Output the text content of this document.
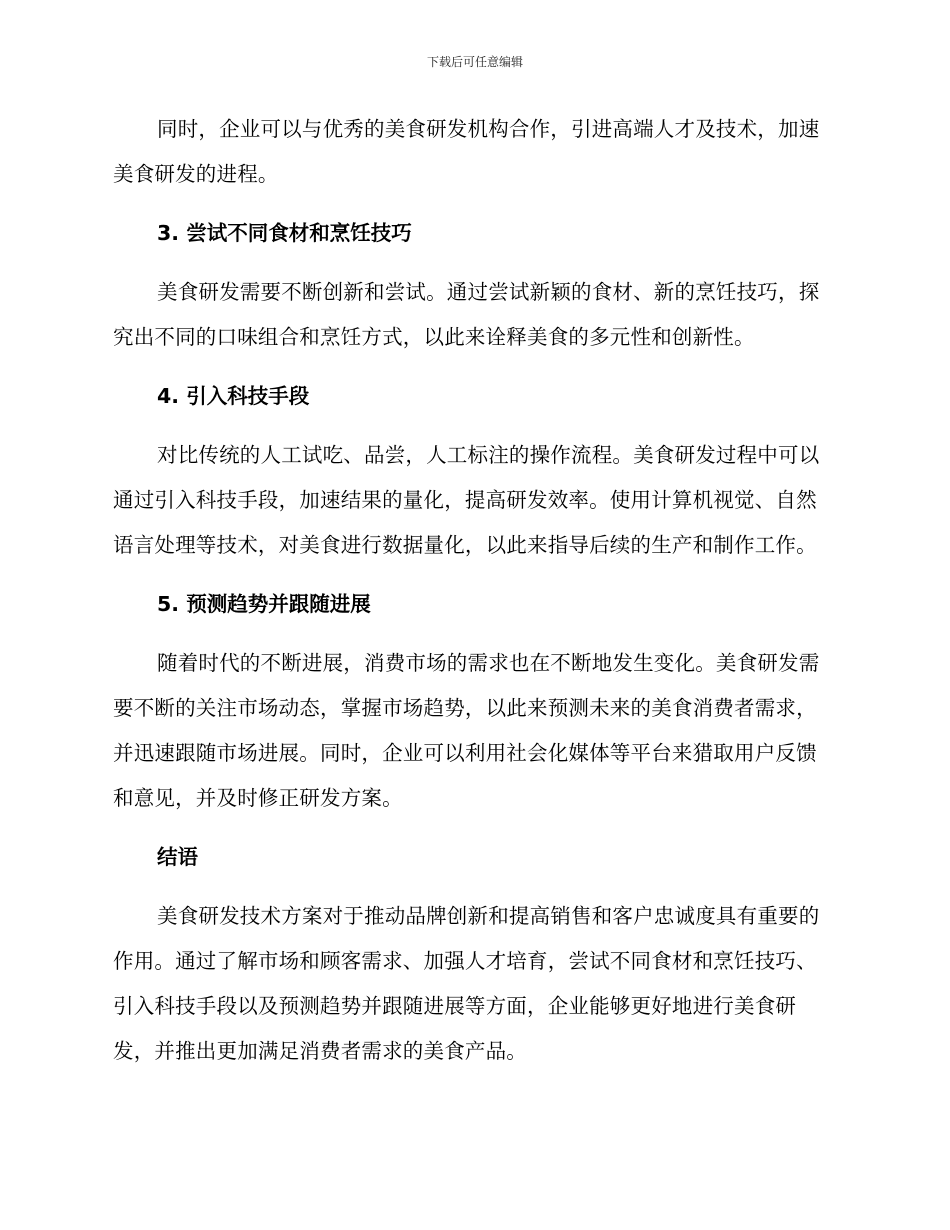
下载后可任意编辑

同时，企业可以与优秀的美食研发机构合作，引进高端人才及技术，加速美食研发的进程。

3. 尝试不同食材和烹饪技巧

美食研发需要不断创新和尝试。通过尝试新颖的食材、新的烹饪技巧，探究出不同的口味组合和烹饪方式，以此来诠释美食的多元性和创新性。

4. 引入科技手段

对比传统的人工试吃、品尝，人工标注的操作流程。美食研发过程中可以通过引入科技手段，加速结果的量化，提高研发效率。使用计算机视觉、自然语言处理等技术，对美食进行数据量化，以此来指导后续的生产和制作工作。

5. 预测趋势并跟随进展

随着时代的不断进展，消费市场的需求也在不断地发生变化。美食研发需要不断的关注市场动态，掌握市场趋势，以此来预测未来的美食消费者需求，并迅速跟随市场进展。同时，企业可以利用社会化媒体等平台来猎取用户反馈和意见，并及时修正研发方案。

结语

美食研发技术方案对于推动品牌创新和提高销售和客户忠诚度具有重要的作用。通过了解市场和顾客需求、加强人才培育，尝试不同食材和烹饪技巧、引入科技手段以及预测趋势并跟随进展等方面，企业能够更好地进行美食研发，并推出更加满足消费者需求的美食产品。
